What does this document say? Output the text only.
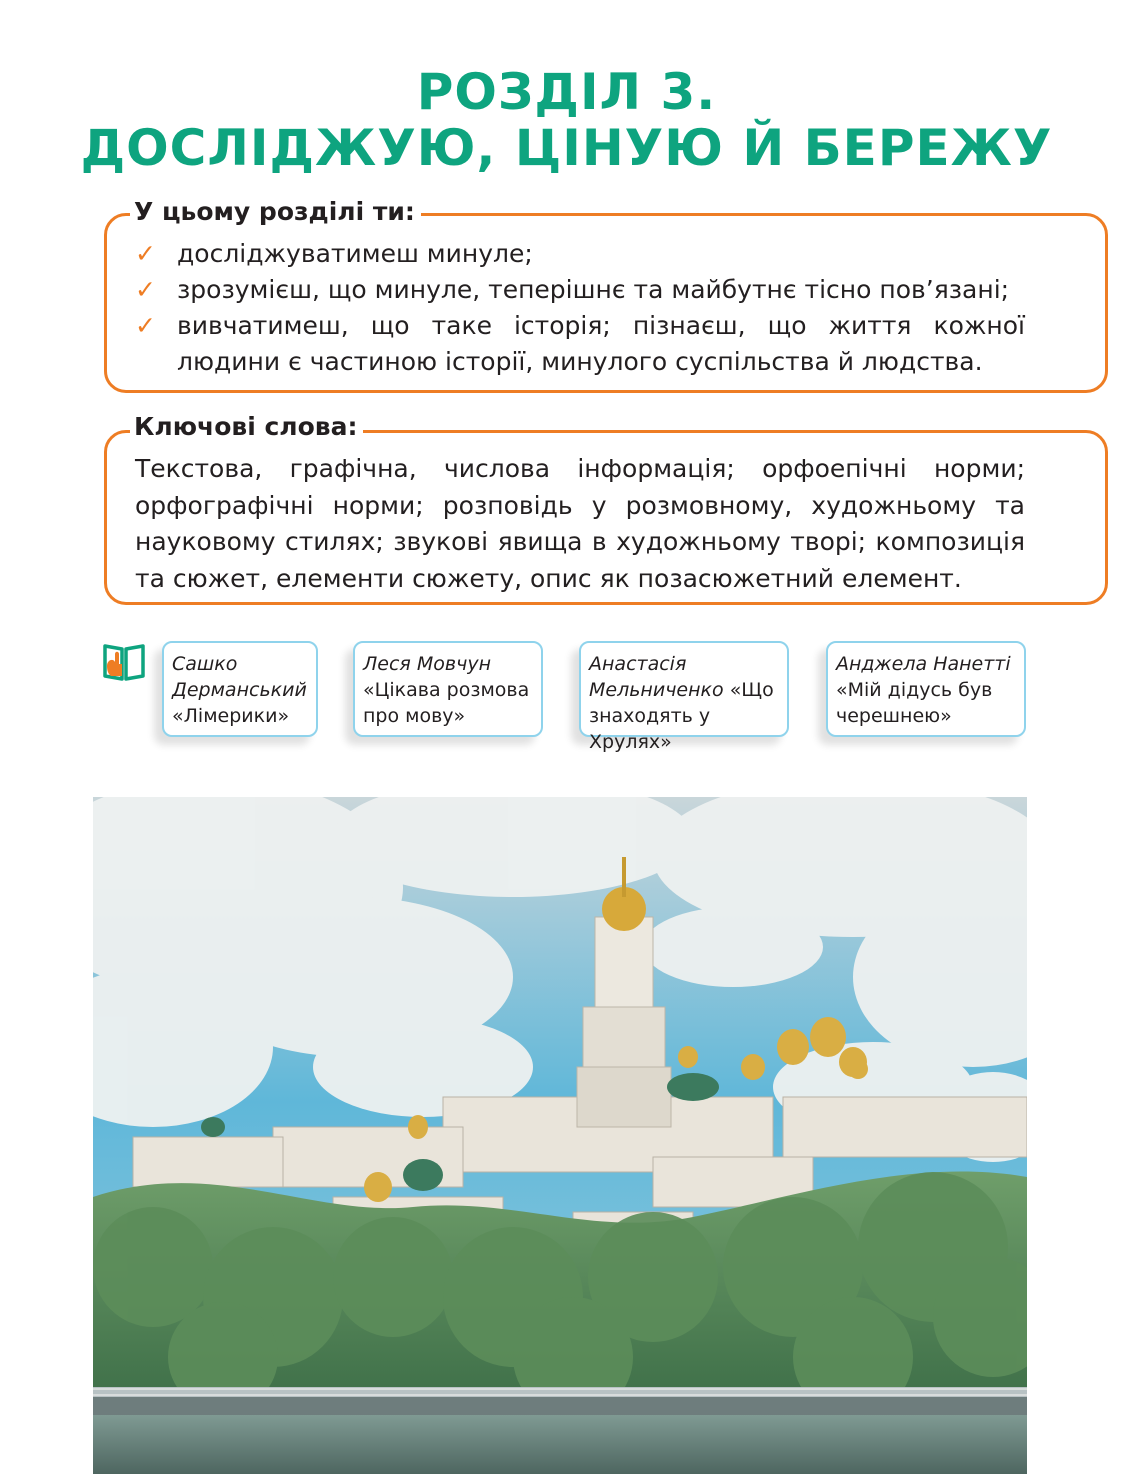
РОЗДІЛ 3.
ДОСЛІДЖУЮ, ЦІНУЮ Й БЕРЕЖУ
У цьому розділі ти:
✓ досліджуватимеш минуле;
✓ зрозумієш, що минуле, теперішнє та майбутнє тісно пов’язані;
✓ вивчатимеш, що таке історія; пізнаєш, що життя кожної людини є частиною історії, минулого суспільства й людства.
Ключові слова:

Текстова, графічна, числова інформація; орфоепічні норми; орфографічні норми; розповідь у розмовному, художньому та науковому стилях; звукові явища в художньому творі; композиція та сюжет, елементи сюжету, опис як позасюжетний елемент.

Сашко Дерманський
«Лімерики»
Леся Мовчун
«Цікава розмова про мову»
Анастасія Мельниченко «Що знаходять у Хрулях»
Анджела Нанетті
«Мій дідусь був черешнею»
